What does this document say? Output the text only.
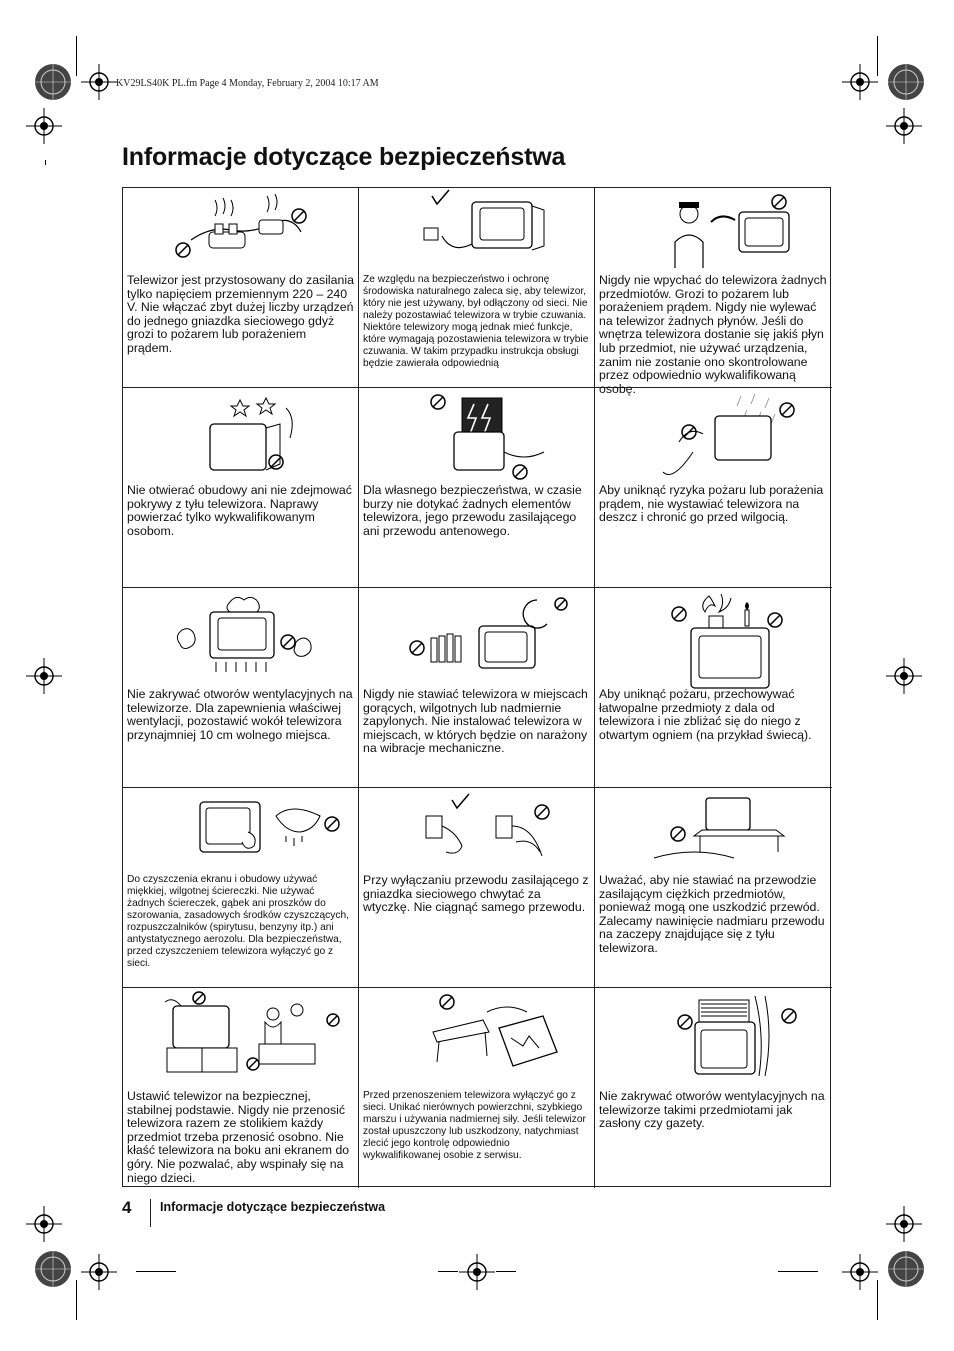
KV29LS40K PL.fm Page 4 Monday, February 2, 2004 10:17 AM
Informacje dotyczące bezpieczeństwa

Telewizor jest przystosowany do zasilania tylko napięciem przemiennym 220 – 240 V. Nie włączać zbyt dużej liczby urządzeń do jednego gniazdka sieciowego gdyż grozi to pożarem lub porażeniem prądem.

Ze względu na bezpieczeństwo i ochronę środowiska naturalnego zaleca się, aby telewizor, który nie jest używany, był odłączony od sieci. Nie należy pozostawiać telewizora w trybie czuwania. Niektóre telewizory mogą jednak mieć funkcje, które wymagają pozostawienia telewizora w trybie czuwania. W takim przypadku instrukcja obsługi będzie zawierała odpowiednią

Nigdy nie wpychać do telewizora żadnych przedmiotów. Grozi to pożarem lub porażeniem prądem. Nigdy nie wylewać na telewizor żadnych płynów. Jeśli do wnętrza telewizora dostanie się jakiś płyn lub przedmiot, nie używać urządzenia, zanim nie zostanie ono skontrolowane przez odpowiednio wykwalifikowaną osobę.

Nie otwierać obudowy ani nie zdejmować pokrywy z tyłu telewizora. Naprawy powierzać tylko wykwalifikowanym osobom.

Dla własnego bezpieczeństwa, w czasie burzy nie dotykać żadnych elementów telewizora, jego przewodu zasilającego ani przewodu antenowego.

Aby uniknąć ryzyka pożaru lub porażenia prądem, nie wystawiać telewizora na deszcz i chronić go przed wilgocią.

Nie zakrywać otworów wentylacyjnych na telewizorze. Dla zapewnienia właściwej wentylacji, pozostawić wokół telewizora przynajmniej 10 cm wolnego miejsca.

Nigdy nie stawiać telewizora w miejscach gorących, wilgotnych lub nadmiernie zapylonych. Nie instalować telewizora w miejscach, w których będzie on narażony na wibracje mechaniczne.

Aby uniknąć pożaru, przechowywać łatwopalne przedmioty z dala od telewizora i nie zbliżać się do niego z otwartym ogniem (na przykład świecą).

Do czyszczenia ekranu i obudowy używać miękkiej, wilgotnej ściereczki. Nie używać żadnych ściereczek, gąbek ani proszków do szorowania, zasadowych środków czyszczących, rozpuszczalników (spirytusu, benzyny itp.) ani antystatycznego aerozolu. Dla bezpieczeństwa, przed czyszczeniem telewizora wyłączyć go z sieci.

Przy wyłączaniu przewodu zasilającego z gniazdka sieciowego chwytać za wtyczkę. Nie ciągnąć samego przewodu.

Uważać, aby nie stawiać na przewodzie zasilającym ciężkich przedmiotów, ponieważ mogą one uszkodzić przewód.
Zalecamy nawinięcie nadmiaru przewodu na zaczepy znajdujące się z tyłu telewizora.

Ustawić telewizor na bezpiecznej, stabilnej podstawie. Nigdy nie przenosić telewizora razem ze stolikiem każdy przedmiot trzeba przenosić osobno. Nie kłaść telewizora na boku ani ekranem do góry. Nie pozwalać, aby wspinały się na niego dzieci.

Przed przenoszeniem telewizora wyłączyć go z sieci. Unikać nierównych powierzchni, szybkiego marszu i używania nadmiernej siły. Jeśli telewizor został upuszczony lub uszkodzony, natychmiast zlecić jego kontrolę odpowiednio wykwalifikowanej osobie z serwisu.

Nie zakrywać otworów wentylacyjnych na telewizorze takimi przedmiotami jak zasłony czy gazety.

4 Informacje dotyczące bezpieczeństwa
